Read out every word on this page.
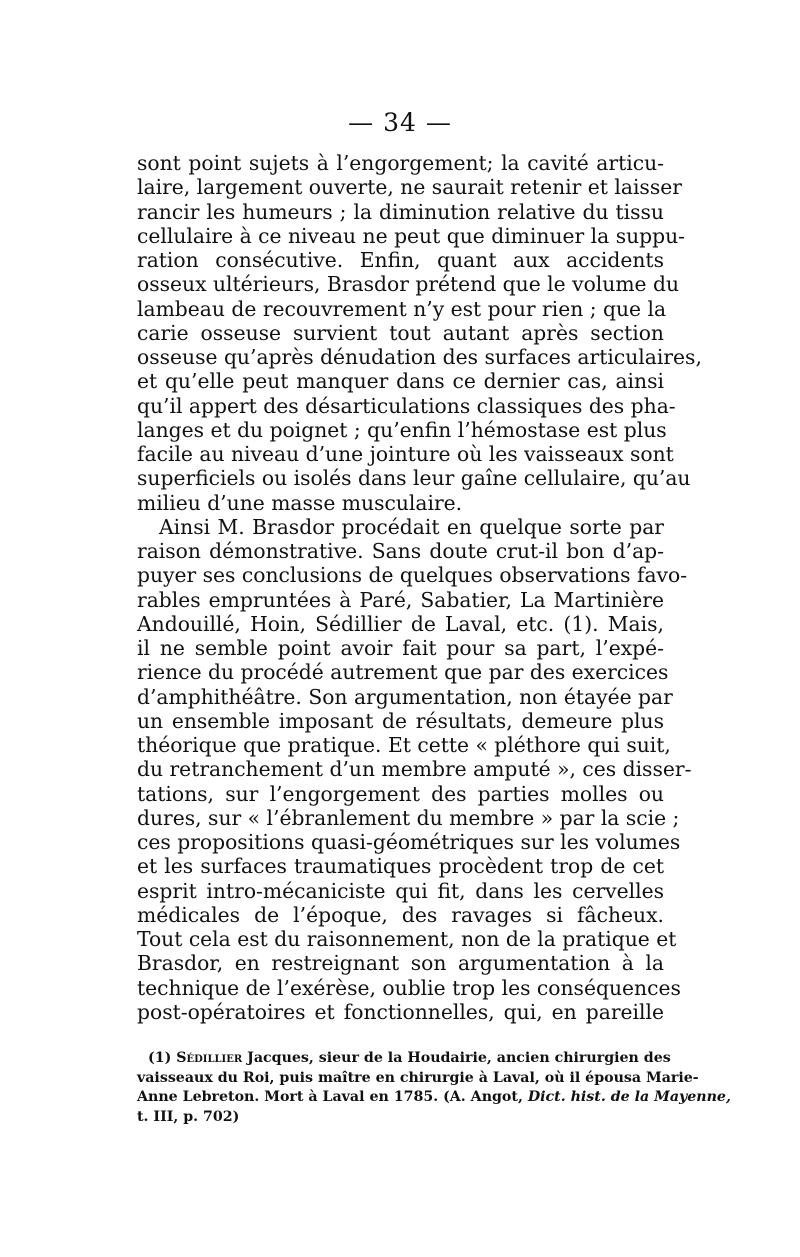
— 34 —
sont point sujets à l’engorgement; la cavité articu-
laire, largement ouverte, ne saurait retenir et laisser
rancir les humeurs ; la diminution relative du tissu
cellulaire à ce niveau ne peut que diminuer la suppu-
ration consécutive. Enfin, quant aux accidents
osseux ultérieurs, Brasdor prétend que le volume du
lambeau de recouvrement n’y est pour rien ; que la
carie osseuse survient tout autant après section
osseuse qu’après dénudation des surfaces articulaires,
et qu’elle peut manquer dans ce dernier cas, ainsi
qu’il appert des désarticulations classiques des pha-
langes et du poignet ; qu’enfin l’hémostase est plus
facile au niveau d’une jointure où les vaisseaux sont
superficiels ou isolés dans leur gaîne cellulaire, qu’au
milieu d’une masse musculaire.
Ainsi M. Brasdor procédait en quelque sorte par
raison démonstrative. Sans doute crut-il bon d’ap-
puyer ses conclusions de quelques observations favo-
rables empruntées à Paré, Sabatier, La Martinière
Andouillé, Hoin, Sédillier de Laval, etc. (1). Mais,
il ne semble point avoir fait pour sa part, l’expé-
rience du procédé autrement que par des exercices
d’amphithéâtre. Son argumentation, non étayée par
un ensemble imposant de résultats, demeure plus
théorique que pratique. Et cette « pléthore qui suit,
du retranchement d’un membre amputé », ces disser-
tations, sur l’engorgement des parties molles ou
dures, sur « l’ébranlement du membre » par la scie ;
ces propositions quasi-géométriques sur les volumes
et les surfaces traumatiques procèdent trop de cet
esprit intro-mécaniciste qui fit, dans les cervelles
médicales de l’époque, des ravages si fâcheux.
Tout cela est du raisonnement, non de la pratique et
Brasdor, en restreignant son argumentation à la
technique de l’exérèse, oublie trop les conséquences
post-opératoires et fonctionnelles, qui, en pareille
(1) Sédillier Jacques, sieur de la Houdairie, ancien chirurgien des
vaisseaux du Roi, puis maître en chirurgie à Laval, où il épousa Marie-
Anne Lebreton. Mort à Laval en 1785. (A. Angot, Dict. hist. de la Mayenne,
t. III, p. 702)
